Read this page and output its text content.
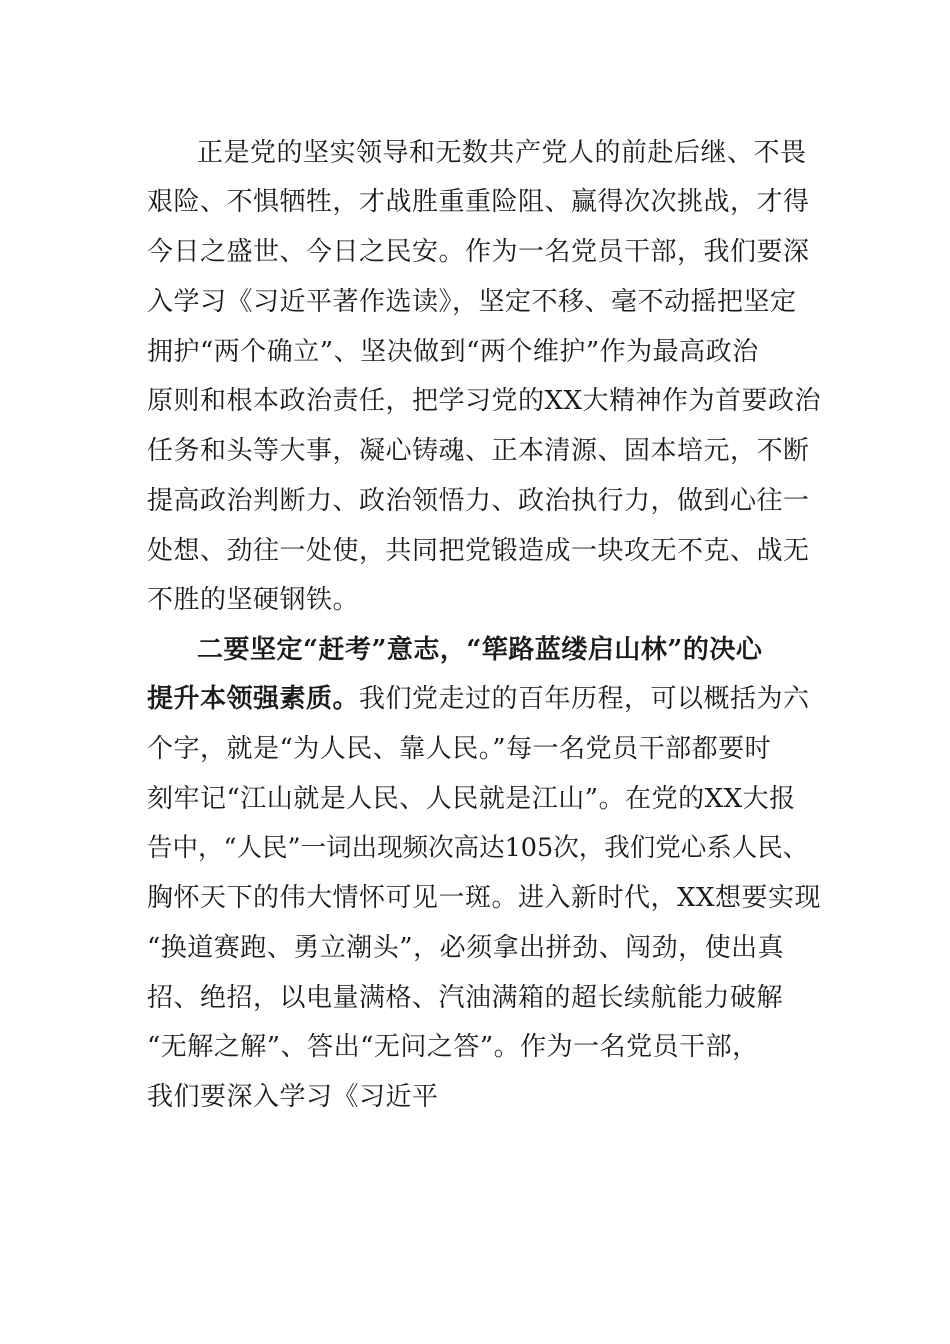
正是党的坚实领导和无数共产党人的前赴后继、不畏
艰险、不惧牺牲，才战胜重重险阻、赢得次次挑战，才得
今日之盛世、今日之民安。作为一名党员干部，我们要深
入学习《习近平著作选读》，坚定不移、毫不动摇把坚定
拥护“两个确立”、坚决做到“两个维护”作为最高政治
原则和根本政治责任，把学习党的XX大精神作为首要政治
任务和头等大事，凝心铸魂、正本清源、固本培元，不断
提高政治判断力、政治领悟力、政治执行力，做到心往一
处想、劲往一处使，共同把党锻造成一块攻无不克、战无
不胜的坚硬钢铁。
二要坚定“赶考”意志，“筚路蓝缕启山林”的决心
提升本领强素质。我们党走过的百年历程，可以概括为六
个字，就是“为人民、靠人民。”每一名党员干部都要时
刻牢记“江山就是人民、人民就是江山”。在党的XX大报
告中，“人民”一词出现频次高达105次，我们党心系人民、
胸怀天下的伟大情怀可见一斑。进入新时代，XX想要实现
“换道赛跑、勇立潮头”，必须拿出拼劲、闯劲，使出真
招、绝招，以电量满格、汽油满箱的超长续航能力破解
“无解之解”、答出“无问之答”。作为一名党员干部，
我们要深入学习《习近平
